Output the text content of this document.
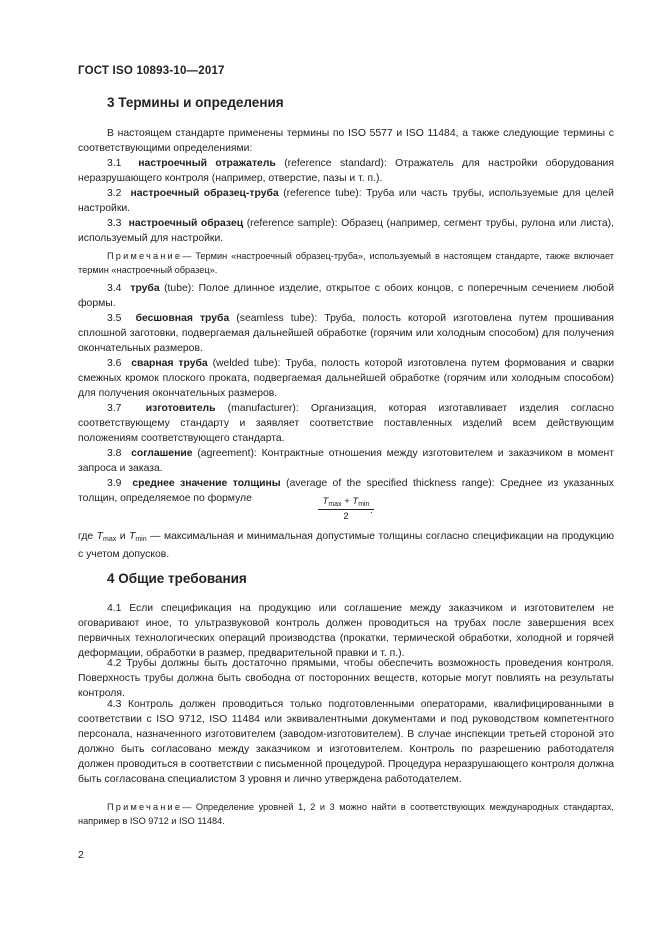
ГОСТ ISO 10893-10—2017
3 Термины и определения
В настоящем стандарте применены термины по ISO 5577 и ISO 11484, а также следующие термины с соответствующими определениями:
3.1 настроечный отражатель (reference standard): Отражатель для настройки оборудования неразрушающего контроля (например, отверстие, пазы и т. п.).
3.2 настроечный образец-труба (reference tube): Труба или часть трубы, используемые для целей настройки.
3.3 настроечный образец (reference sample): Образец (например, сегмент трубы, рулона или листа), используемый для настройки.
Примечание— Термин «настроечный образец-труба», используемый в настоящем стандарте, также включает термин «настроечный образец».
3.4 труба (tube): Полое длинное изделие, открытое с обоих концов, с поперечным сечением любой формы.
3.5 бесшовная труба (seamless tube): Труба, полость которой изготовлена путем прошивания сплошной заготовки, подвергаемая дальнейшей обработке (горячим или холодным способом) для получения окончательных размеров.
3.6 сварная труба (welded tube): Труба, полость которой изготовлена путем формования и сварки смежных кромок плоского проката, подвергаемая дальнейшей обработке (горячим или холодным способом) для получения окончательных размеров.
3.7 изготовитель (manufacturer): Организация, которая изготавливает изделия согласно соответствующему стандарту и заявляет соответствие поставленных изделий всем действующим положениям соответствующего стандарта.
3.8 соглашение (agreement): Контрактные отношения между изготовителем и заказчиком в момент запроса и заказа.
3.9 среднее значение толщины (average of the specified thickness range): Среднее из указанных толщин, определяемое по формуле	$T_{max} + T_{min}$
2
.
где $T_{max}$ и $T_{min}$ — максимальная и минимальная допустимые толщины согласно спецификации на продукцию с учетом допусков.
4 Общие требования
4.1 Если спецификация на продукцию или соглашение между заказчиком и изготовителем не оговаривают иное, то ультразвуковой контроль должен проводиться на трубах после завершения всех первичных технологических операций производства (прокатки, термической обработки, холодной и горячей деформации, обработки в размер, предварительной правки и т. п.).
4.2 Трубы должны быть достаточно прямыми, чтобы обеспечить возможность проведения контроля. Поверхность трубы должна быть свободна от посторонних веществ, которые могут повлиять на результаты контроля.
4.3 Контроль должен проводиться только подготовленными операторами, квалифицированными в соответствии с ISO 9712, ISO 11484 или эквивалентными документами и под руководством компетентного персонала, назначенного изготовителем (заводом-изготовителем). В случае инспекции третьей стороной это должно быть согласовано между заказчиком и изготовителем. Контроль по разрешению работодателя должен проводиться в соответствии с письменной процедурой. Процедура неразрушающего контроля должна быть согласована специалистом 3 уровня и лично утверждена работодателем.
Примечание— Определение уровней 1, 2 и 3 можно найти в соответствующих международных стандартах, например в ISO 9712 и ISO 11484.
2
